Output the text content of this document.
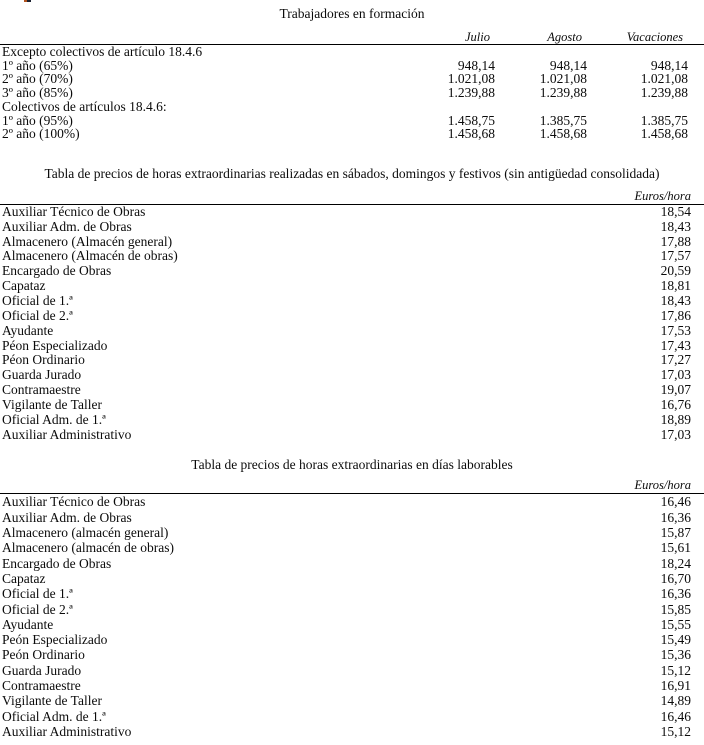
Trabajadores en formación
Julio	Agosto	Vacaciones
Excepto colectivos de artículo 18.4.6
1º año (65%)	948,14	948,14	948,14
2º año (70%)	1.021,08	1.021,08	1.021,08
3º año (85%)	1.239,88	1.239,88	1.239,88
Colectivos de artículos 18.4.6:
1º año (95%)	1.458,75	1.385,75	1.385,75
2º año (100%)	1.458,68	1.458,68	1.458,68
Tabla de precios de horas extraordinarias realizadas en sábados, domingos y festivos (sin antigüedad consolidada)
Euros/hora
Auxiliar Técnico de Obras	18,54
Auxiliar Adm. de Obras	18,43
Almacenero (Almacén general)	17,88
Almacenero (Almacén de obras)	17,57
Encargado de Obras	20,59
Capataz	18,81
Oficial de 1.ª	18,43
Oficial de 2.ª	17,86
Ayudante	17,53
Péon Especializado	17,43
Péon Ordinario	17,27
Guarda Jurado	17,03
Contramaestre	19,07
Vigilante de Taller	16,76
Oficial Adm. de 1.ª	18,89
Auxiliar Administrativo	17,03
Tabla de precios de horas extraordinarias en días laborables
Euros/hora
Auxiliar Técnico de Obras	16,46
Auxiliar Adm. de Obras	16,36
Almacenero (almacén general)	15,87
Almacenero (almacén de obras)	15,61
Encargado de Obras	18,24
Capataz	16,70
Oficial de 1.ª	16,36
Oficial de 2.ª	15,85
Ayudante	15,55
Peón Especializado	15,49
Peón Ordinario	15,36
Guarda Jurado	15,12
Contramaestre	16,91
Vigilante de Taller	14,89
Oficial Adm. de 1.ª	16,46
Auxiliar Administrativo	15,12
